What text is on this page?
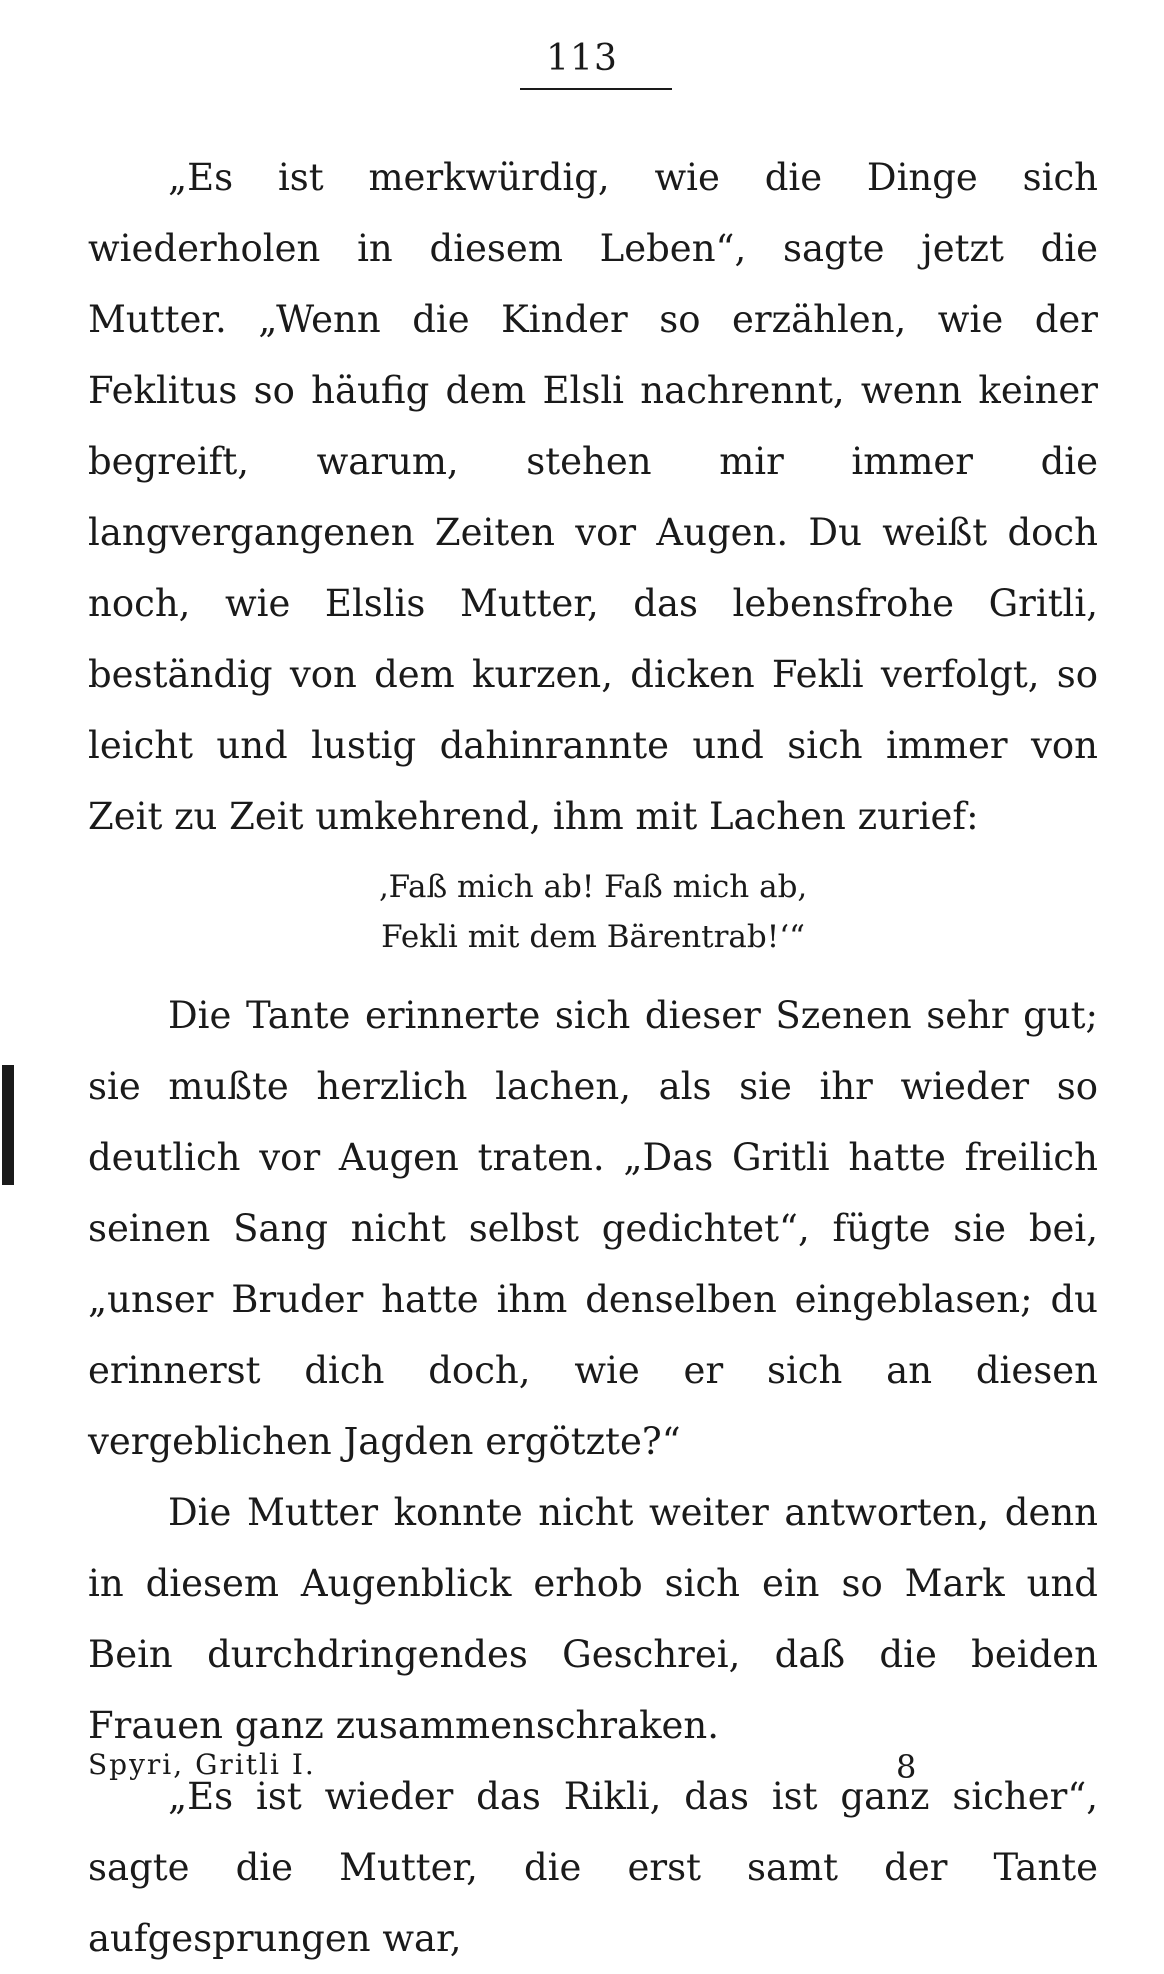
113

„Es ist merkwürdig, wie die Dinge sich wiederholen in diesem Leben“, sagte jetzt die Mutter. „Wenn die Kinder so erzählen, wie der Feklitus so häufig dem Elsli nachrennt, wenn keiner begreift, warum, stehen mir immer die langvergangenen Zeiten vor Augen. Du weißt doch noch, wie Elslis Mutter, das lebensfrohe Gritli, beständig von dem kurzen, dicken Fekli verfolgt, so leicht und lustig dahinrannte und sich immer von Zeit zu Zeit umkehrend, ihm mit Lachen zurief:

‚Faß mich ab! Faß mich ab,
Fekli mit dem Bärentrab!‘“

Die Tante erinnerte sich dieser Szenen sehr gut; sie mußte herzlich lachen, als sie ihr wieder so deutlich vor Augen traten. „Das Gritli hatte freilich seinen Sang nicht selbst gedichtet“, fügte sie bei, „unser Bruder hatte ihm denselben eingeblasen; du erinnerst dich doch, wie er sich an diesen vergeblichen Jagden ergötzte?“

Die Mutter konnte nicht weiter antworten, denn in diesem Augenblick erhob sich ein so Mark und Bein durchdringendes Geschrei, daß die beiden Frauen ganz zusammenschraken.

„Es ist wieder das Rikli, das ist ganz sicher“, sagte die Mutter, die erst samt der Tante aufgesprungen war,

Spyri, Gritli I.	8
